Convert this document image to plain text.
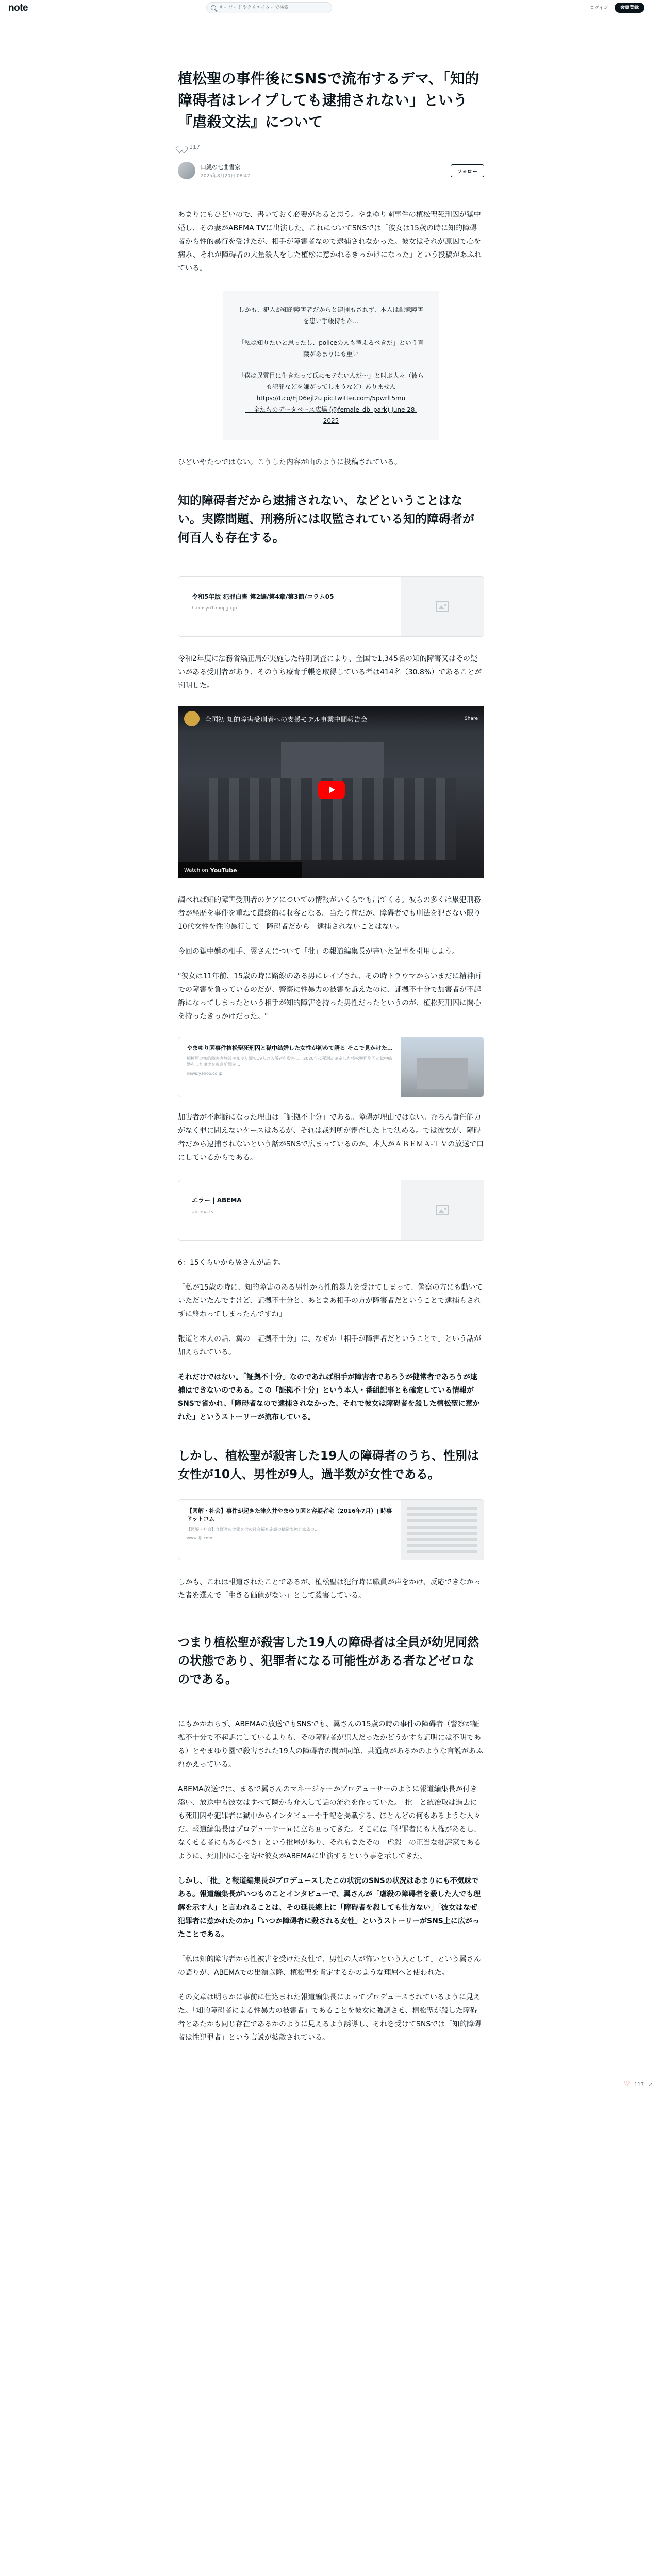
note
キーワードやクリエイターで検索	ログイン	会員登録
植松聖の事件後にSNSで流布するデマ、「知的障碍者はレイプしても逮捕されない」という『虐殺文法』について
117
口縄の七曲書家
2025年8月20日 08:47
フォロー

あまりにもひどいので、書いておく必要があると思う。やまゆり園事件の植松聖死刑囚が獄中婚し、その妻がABEMA TVに出演した。これについてSNSでは「彼女は15歳の時に知的障碍者から性的暴行を受けたが、相手が障害者なので逮捕されなかった。彼女はそれが原因で心を病み、それが障碍者の大量殺人をした植松に惹かれるきっかけになった」という投稿があふれている。

しかも、犯人が知的障害者だからと逮捕もされず、本人は記憶障害を患い手帳持ちか…
「私は知りたいと思ったし、policeの人も考えるべきだ」という言葉があまりにも重い
「僕は異質目に生きたって氏にモテないんだ〜」と叫ぶ人々（彼らも犯罪などを嫌がってしまうなど）ありません
https://t.co/EjD6ejl2u pic.twitter.com/5pwrlt5mu
— 全たちのデータベース広場 (@female_db_park) June 28, 2025

ひどいやたつではない。こうした内容が山のように投稿されている。

知的障碍者だから逮捕されない、などということはない。実際問題、刑務所には収監されている知的障碍者が何百人も存在する。
令和5年版 犯罪白書 第2編/第4章/第3節/コラム05
hakusyo1.moj.go.jp

令和2年度に法務省矯正局が実施した特別調査により、全国で1,345名の知的障害又はその疑いがある受刑者があり、そのうち療育手帳を取得している者は414名（30.8%）であることが判明した。

全国初 知的障害受刑者への支援モデル事業中間報告会	Share
Watch on YouTube

調べれば知的障害受刑者のケアについての情報がいくらでも出てくる。彼らの多くは累犯刑務者が経歴を事件を重ねて最終的に収容となる。当たり前だが、障碍者でも刑法を犯さない限り10代女性を性的暴行して「障碍者だから」逮捕されないことはない。

今回の獄中婚の相手、翼さんについて「批」の報道編集長が書いた記事を引用しよう。

"彼女は11年前、15歳の時に路線のある男にレイプされ、その時トラウマからいまだに精神面での障害を負っているのだが、警察に性暴力の被害を訴えたのに、証拠不十分で加害者が不起訴になってしまったという相手が知的障害を持った男性だったというのが、植松死刑囚に関心を持ったきっかけだった。"

やまゆり園事件植松聖死刑囚と獄中結婚した女性が初めて語る そこで見かけた…
相模原の知的障害者施設やまゆり園で19人の入所者を殺害し、2020年に死刑が確定した植松聖死刑囚が獄中結婚をした事実を東京新聞が…
news.yahoo.co.jp

加害者が不起訴になった理由は「証拠不十分」である。障碍が理由ではない。むろん責任能力がなく罪に問えないケースはあるが、それは裁判所が審査した上で決める。では彼女が、障碍者だから逮捕されないという話がSNSで広まっているのか。本人がＡＢＥＭＡ-ＴＶの放送で口にしているからである。

エラー | ABEMA
abema.tv

6：15くらいから翼さんが話す。

「私が15歳の時に、知的障害のある男性から性的暴力を受けてしまって、警察の方にも動いていただいたんですけど、証拠不十分と、あとまあ相手の方が障害者だということで逮捕もされずに終わってしまったんですね」

報道と本人の話、翼の「証拠不十分」に、なぜか「相手が障害者だということで」という話が加えられている。

それだけではない。「証拠不十分」なのであれば相手が障害者であろうが健常者であろうが逮捕はできないのである。この「証拠不十分」という本人・番組記事とも確定している情報がSNSで省かれ、「障碍者なので逮捕されなかった、それで彼女は障碍者を殺した植松聖に惹かれた」というストーリーが流布している。

しかし、植松聖が殺害した19人の障碍者のうち、性別は女性が10人、男性が9人。過半数が女性である。
【図解・社会】事件が起きた津久井やまゆり園と容疑者宅（2016年7月）| 時事ドットコム
【図解・社会】容疑者の実態を含め社会福祉施設の構造実態と家族の…
www.jiji.com

しかも、これは報道されたことであるが、植松聖は犯行時に職員が声をかけ、反応できなかった者を選んで「生きる価値がない」として殺害している。

つまり植松聖が殺害した19人の障碍者は全員が幼児同然の状態であり、犯罪者になる可能性がある者などゼロなのである。

にもかかわらず、ABEMAの放送でもSNSでも、翼さんの15歳の時の事件の障碍者（警察が証拠不十分で不起訴にしているよりも、その障碍者が犯人だったかどうかすら証明には不明である）とやまゆり園で殺害された19人の障碍者の間が同筆、共通点があるかのような言説があふれかえっている。

ABEMA放送では、まるで翼さんのマネージャーかプロデューサーのように報道編集長が付き添い、放送中も彼女はすべて隣から介入して話の流れを作っていた。「批」と統治取は過去にも死刑囚や犯罪者に獄中からインタビューや手記を掲載する、ほとんどの何もあるような人々だ。報道編集長はプロデューサー同に立ち回ってきた。そこには「犯罪者にも人権があるし、なくせる者にもあるべき」という批屋があり、それもまたその「虐殺」の正当な批評家であるように、死刑囚に心を寄せ彼女がABEMAに出演するという事を示してきた。

しかし、「批」と報道編集長がプロデュースしたこの状況のSNSの状況はあまりにも不気味である。報道編集長がいつものことインタビューで、翼さんが「虐殺の障碍者を殺した人でも理解を示す人」と言われることは、その延長線上に「障碍者を殺しても仕方ない」「彼女はなぜ犯罪者に惹かれたのか」「いつか障碍者に殺される女性」というストーリーがSNS上に広がったことである。

「私は知的障害者から性被害を受けた女性で、男性の人が怖いという人として」という翼さんの語りが、ABEMAでの出演以降、植松聖を肯定するかのような理屈へと使われた。

その文章は明らかに事前に仕込まれた報道編集長によってプロデュースされているように見えた。「知的障碍者による性暴力の被害者」であることを彼女に強調させ、植松聖が殺した障碍者とあたかも同じ存在であるかのように見えるよう誘導し、それを受けてSNSでは「知的障碍者は性犯罪者」という言説が拡散されている。

♡ 117 ↗
